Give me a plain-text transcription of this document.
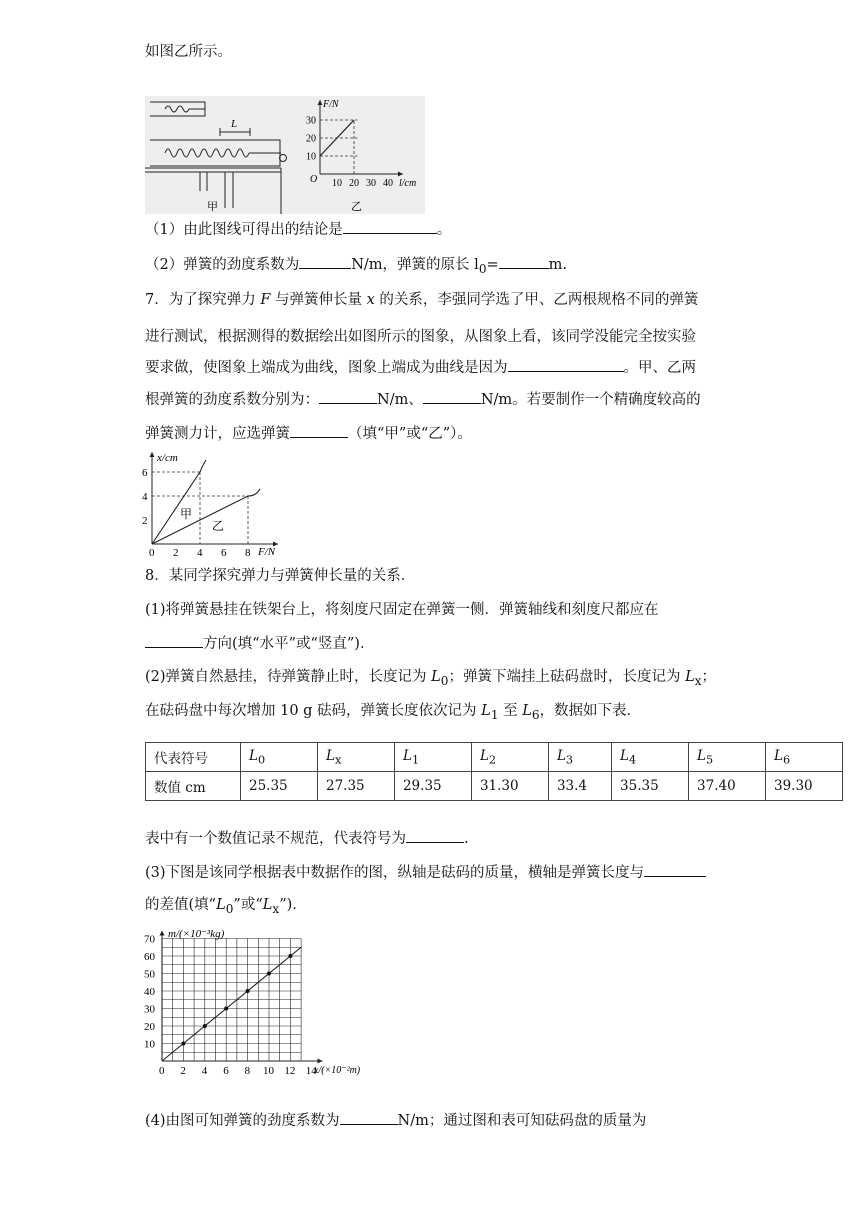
如图乙所示。
L
甲
10
20
30
10 20 30 40
F/N
l/cm
O
乙
（1）由此图线可得出的结论是	。
（2）弹簧的劲度系数为	N/m，弹簧的原长 $l_0=$	m.
7．为了探究弹力 F 与弹簧伸长量 x 的关系，李强同学选了甲、乙两根规格不同的弹簧
进行测试，根据测得的数据绘出如图所示的图象，从图象上看，该同学没能完全按实验
要求做，使图象上端成为曲线，图象上端成为曲线是因为	。甲、乙两
根弹簧的劲度系数分别为：	N/m、	N/m。若要制作一个精确度较高的
弹簧测力计，应选弹簧	（填“甲”或“乙”）。
2
4
6
0 2 4 6 8
x/cm
F/N
甲
乙
8．某同学探究弹力与弹簧伸长量的关系．
(1)将弹簧悬挂在铁架台上，将刻度尺固定在弹簧一侧．弹簧轴线和刻度尺都应在
方向(填“水平”或“竖直”)．
(2)弹簧自然悬挂，待弹簧静止时，长度记为 $L_0$；弹簧下端挂上砝码盘时，长度记为 $L_x$；
在砝码盘中每次增加 10 g 砝码，弹簧长度依次记为 $L_1$ 至 $L_6$，数据如下表．
代表符号	$L_0$	$L_x$	$L_1$	$L_2$	$L_3$	$L_4$	$L_5$	$L_6$
数值 cm	25.35	27.35	29.35	31.30	33.4	35.35	37.40	39.30
表中有一个数值记录不规范，代表符号为	.
(3)下图是该同学根据表中数据作的图，纵轴是砝码的质量，横轴是弹簧长度与
的差值(填“$L_0$”或“$L_x$”)．
10
20
30
40
50
60
70
0 2 4 6 8 10 12 14
m/(×10⁻³kg)
x/(×10⁻²m)
(4)由图可知弹簧的劲度系数为	N/m；通过图和表可知砝码盘的质量为
